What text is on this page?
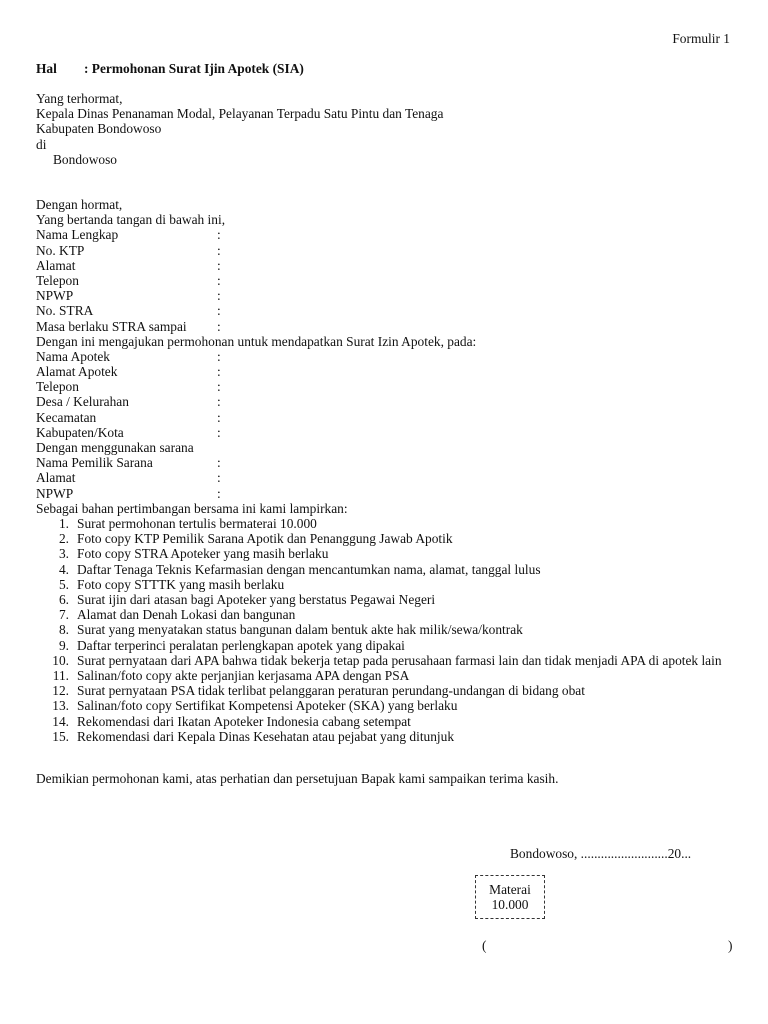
Formulir 1
Hal : Permohonan Surat Ijin Apotek (SIA)
Yang terhormat,
Kepala Dinas Penanaman Modal, Pelayanan Terpadu Satu Pintu dan Tenaga
Kabupaten Bondowoso
di
Bondowoso
Dengan hormat,
Yang bertanda tangan di bawah ini,
Nama Lengkap	:
No. KTP	:
Alamat	:
Telepon	:
NPWP	:
No. STRA	:
Masa berlaku STRA sampai	:
Dengan ini mengajukan permohonan untuk mendapatkan Surat Izin Apotek, pada:
Nama Apotek	:
Alamat Apotek	:
Telepon	:
Desa / Kelurahan	:
Kecamatan	:
Kabupaten/Kota	:
Dengan menggunakan sarana
Nama Pemilik Sarana	:
Alamat	:
NPWP	:
Sebagai bahan pertimbangan bersama ini kami lampirkan:
1. Surat permohonan tertulis bermaterai 10.000
2. Foto copy KTP Pemilik Sarana Apotik dan Penanggung Jawab Apotik
3. Foto copy STRA Apoteker yang masih berlaku
4. Daftar Tenaga Teknis Kefarmasian dengan mencantumkan nama, alamat, tanggal lulus
5. Foto copy STTTK yang masih berlaku
6. Surat ijin dari atasan bagi Apoteker yang berstatus Pegawai Negeri
7. Alamat dan Denah Lokasi dan bangunan
8. Surat yang menyatakan status bangunan dalam bentuk akte hak milik/sewa/kontrak
9. Daftar terperinci peralatan perlengkapan apotek yang dipakai
10. Surat pernyataan dari APA bahwa tidak bekerja tetap pada perusahaan farmasi lain dan tidak menjadi APA di apotek lain
11. Salinan/foto copy akte perjanjian kerjasama APA dengan PSA
12. Surat pernyataan PSA tidak terlibat pelanggaran peraturan perundang-undangan di bidang obat
13. Salinan/foto copy Sertifikat Kompetensi Apoteker (SKA) yang berlaku
14. Rekomendasi dari Ikatan Apoteker Indonesia cabang setempat
15. Rekomendasi dari Kepala Dinas Kesehatan atau pejabat yang ditunjuk
Demikian permohonan kami, atas perhatian dan persetujuan Bapak kami sampaikan terima kasih.
Bondowoso, ..........................20...
Materai
10.000
(	)
